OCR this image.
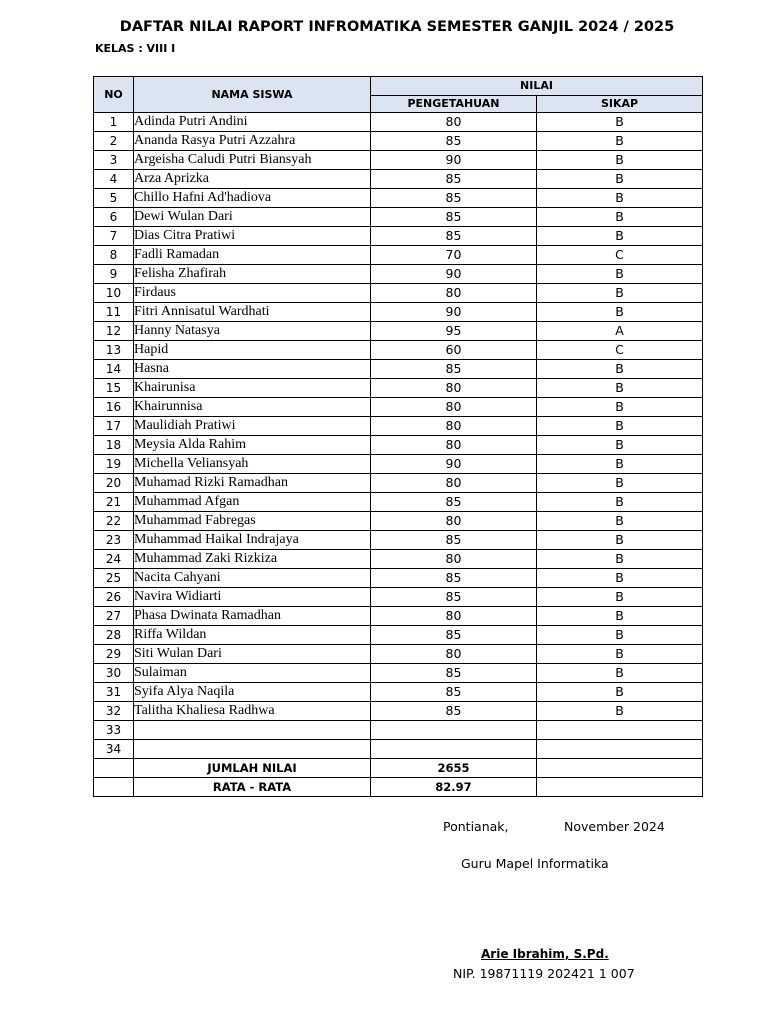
DAFTAR NILAI RAPORT INFROMATIKA SEMESTER GANJIL 2024 / 2025
KELAS : VIII I
NO	NAMA SISWA	NILAI	
		PENGETAHUAN	SIKAP
1	Adinda Putri Andini	80	B
2	Ananda Rasya Putri Azzahra	85	B
3	Argeisha Caludi Putri Biansyah	90	B
4	Arza Aprizka	85	B
5	Chillo Hafni Ad'hadiova	85	B
6	Dewi Wulan Dari	85	B
7	Dias Citra Pratiwi	85	B
8	Fadli Ramadan	70	C
9	Felisha Zhafirah	90	B
10	Firdaus	80	B
11	Fitri Annisatul Wardhati	90	B
12	Hanny Natasya	95	A
13	Hapid	60	C
14	Hasna	85	B
15	Khairunisa	80	B
16	Khairunnisa	80	B
17	Maulidiah Pratiwi	80	B
18	Meysia Alda Rahim	80	B
19	Michella Veliansyah	90	B
20	Muhamad Rizki Ramadhan	80	B
21	Muhammad Afgan	85	B
22	Muhammad Fabregas	80	B
23	Muhammad Haikal Indrajaya	85	B
24	Muhammad Zaki Rizkiza	80	B
25	Nacita Cahyani	85	B
26	Navira Widiarti	85	B
27	Phasa Dwinata Ramadhan	80	B
28	Riffa Wildan	85	B
29	Siti Wulan Dari	80	B
30	Sulaiman	85	B
31	Syifa Alya Naqila	85	B
32	Talitha Khaliesa Radhwa	85	B
33			
34			
	JUMLAH NILAI	2655	
	RATA - RATA	82.97	
Pontianak,	November 2024
Guru Mapel Informatika
Arie Ibrahim, S.Pd.
NIP. 19871119 202421 1 007
